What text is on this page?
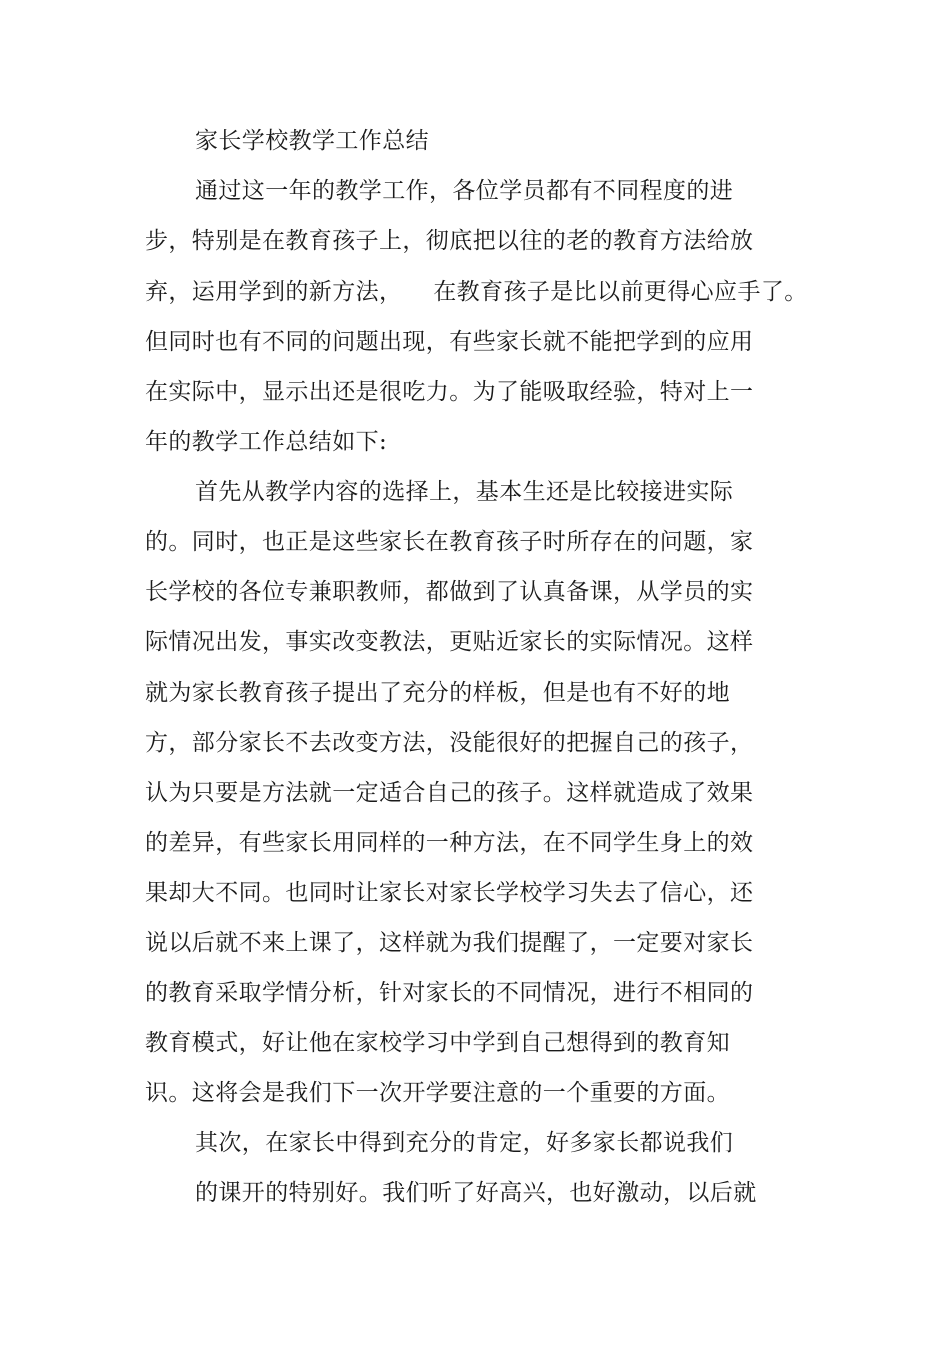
家长学校教学工作总结
通过这一年的教学工作，各位学员都有不同程度的进
步，特别是在教育孩子上，彻底把以往的老的教育方法给放
弃，运用学到的新方法，    在教育孩子是比以前更得心应手了。
但同时也有不同的问题出现，有些家长就不能把学到的应用
在实际中，显示出还是很吃力。为了能吸取经验，特对上一
年的教学工作总结如下:
首先从教学内容的选择上，基本生还是比较接进实际
的。同时，也正是这些家长在教育孩子时所存在的问题，家
长学校的各位专兼职教师，都做到了认真备课，从学员的实
际情况出发，事实改变教法，更贴近家长的实际情况。这样
就为家长教育孩子提出了充分的样板，但是也有不好的地
方，部分家长不去改变方法，没能很好的把握自己的孩子，
认为只要是方法就一定适合自己的孩子。这样就造成了效果
的差异，有些家长用同样的一种方法，在不同学生身上的效
果却大不同。也同时让家长对家长学校学习失去了信心，还
说以后就不来上课了，这样就为我们提醒了，一定要对家长
的教育采取学情分析，针对家长的不同情况，进行不相同的
教育模式，好让他在家校学习中学到自己想得到的教育知
识。这将会是我们下一次开学要注意的一个重要的方面。
其次，在家长中得到充分的肯定，好多家长都说我们
的课开的特别好。我们听了好高兴，也好激动，以后就
